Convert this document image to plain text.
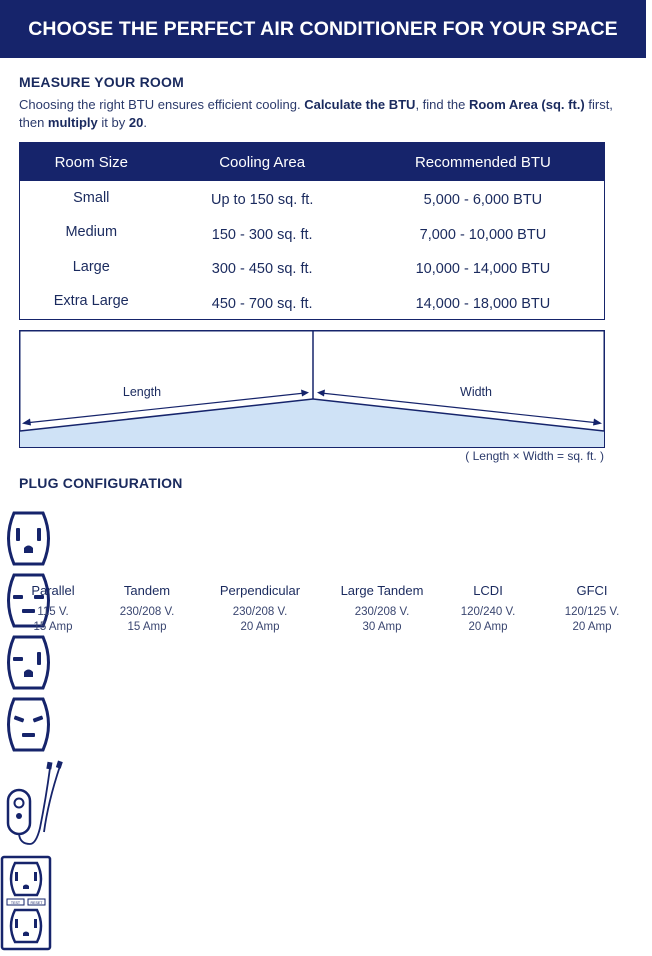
CHOOSE THE PERFECT AIR CONDITIONER FOR YOUR SPACE
MEASURE YOUR ROOM

Choosing the right BTU ensures efficient cooling. Calculate the BTU, find the Room Area (sq. ft.) first, then multiply it by 20.

Room Size	Cooling Area	Recommended BTU
Small	Up to 150 sq. ft.	5,000 - 6,000 BTU
Medium	150 - 300 sq. ft.	7,000 - 10,000 BTU
Large	300 - 450 sq. ft.	10,000 - 14,000 BTU
Extra Large	450 - 700 sq. ft.	14,000 - 18,000 BTU
Length	Width
( Length × Width = sq. ft. )
PLUG CONFIGURATION
Parallel
115 V.
15 Amp
Tandem
230/208 V.
15 Amp
Perpendicular
230/208 V.
20 Amp
Large Tandem
230/208 V.
30 Amp
LCDI
120/240 V.
20 Amp
TEST	RESET
GFCI
120/125 V.
20 Amp
